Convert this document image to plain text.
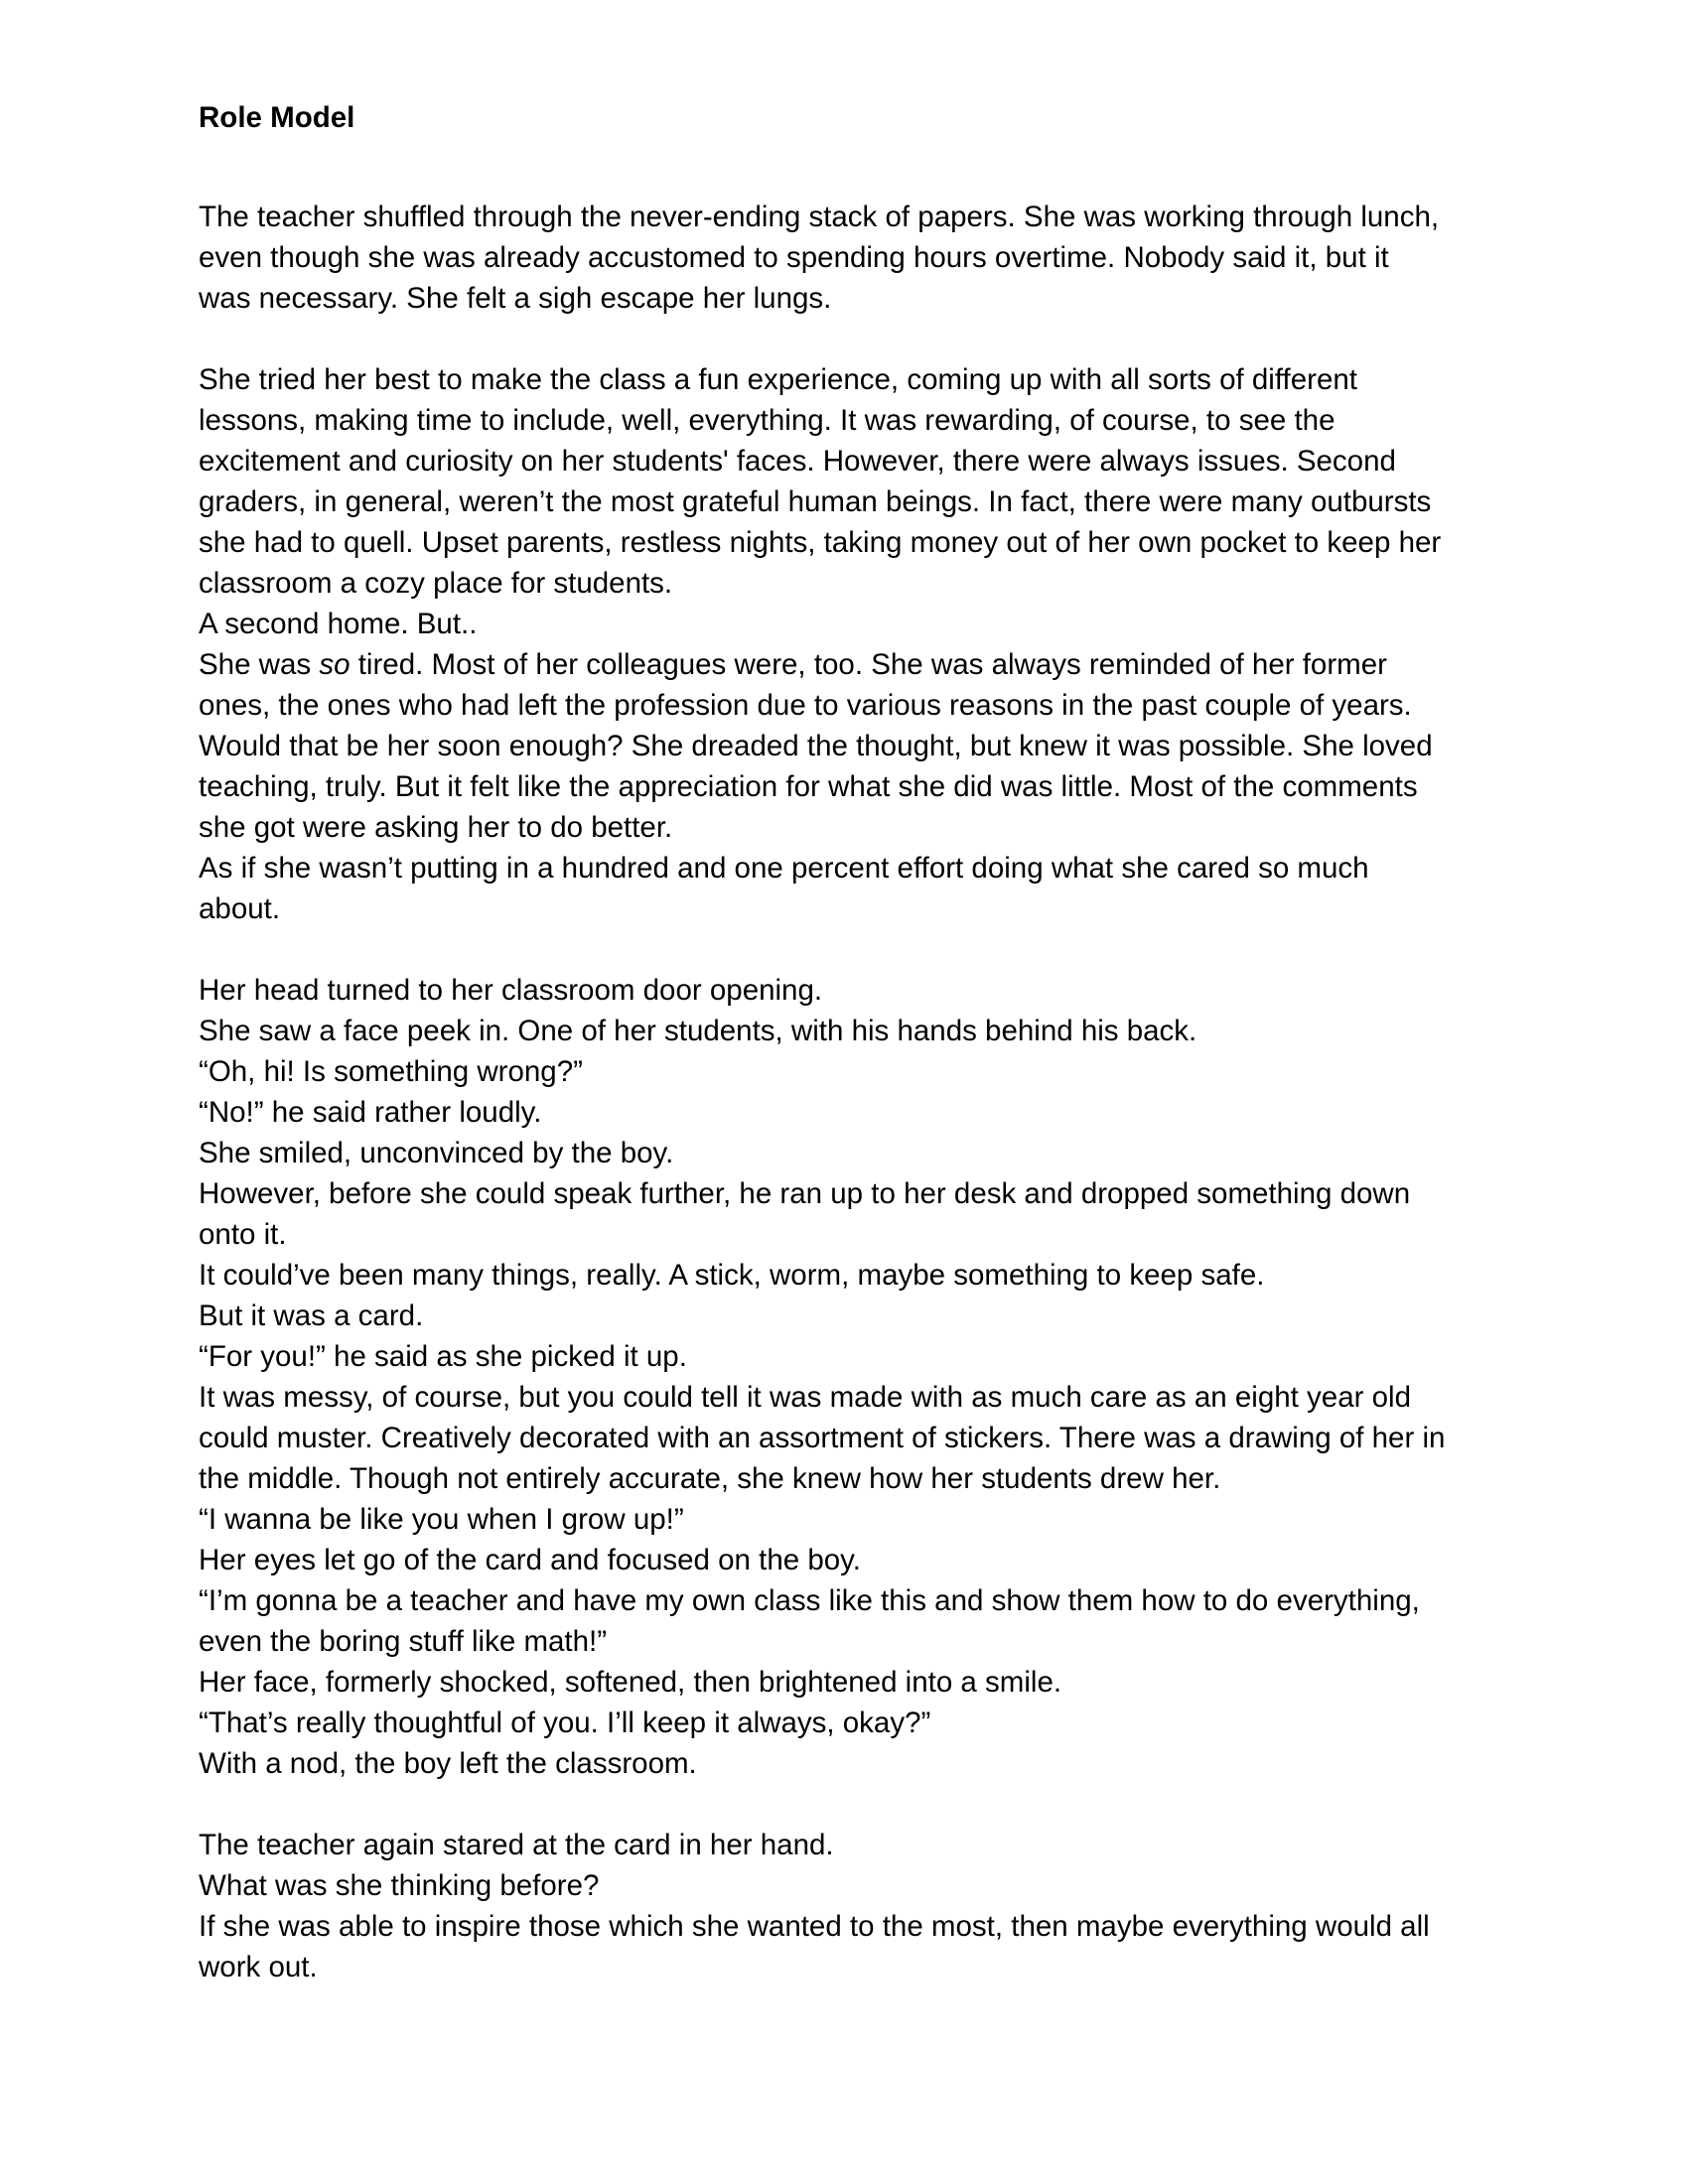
Role Model
The teacher shuffled through the never-ending stack of papers. She was working through lunch,
even though she was already accustomed to spending hours overtime. Nobody said it, but it
was necessary. She felt a sigh escape her lungs.
She tried her best to make the class a fun experience, coming up with all sorts of different
lessons, making time to include, well, everything. It was rewarding, of course, to see the
excitement and curiosity on her students' faces. However, there were always issues. Second
graders, in general, weren’t the most grateful human beings. In fact, there were many outbursts
she had to quell. Upset parents, restless nights, taking money out of her own pocket to keep her
classroom a cozy place for students.
A second home. But..
She was so tired. Most of her colleagues were, too. She was always reminded of her former
ones, the ones who had left the profession due to various reasons in the past couple of years.
Would that be her soon enough? She dreaded the thought, but knew it was possible. She loved
teaching, truly. But it felt like the appreciation for what she did was little. Most of the comments
she got were asking her to do better.
As if she wasn’t putting in a hundred and one percent effort doing what she cared so much
about.
Her head turned to her classroom door opening.
She saw a face peek in. One of her students, with his hands behind his back.
“Oh, hi! Is something wrong?”
“No!” he said rather loudly.
She smiled, unconvinced by the boy.
However, before she could speak further, he ran up to her desk and dropped something down
onto it.
It could’ve been many things, really. A stick, worm, maybe something to keep safe.
But it was a card.
“For you!” he said as she picked it up.
It was messy, of course, but you could tell it was made with as much care as an eight year old
could muster. Creatively decorated with an assortment of stickers. There was a drawing of her in
the middle. Though not entirely accurate, she knew how her students drew her.
“I wanna be like you when I grow up!”
Her eyes let go of the card and focused on the boy.
“I’m gonna be a teacher and have my own class like this and show them how to do everything,
even the boring stuff like math!”
Her face, formerly shocked, softened, then brightened into a smile.
“That’s really thoughtful of you. I’ll keep it always, okay?”
With a nod, the boy left the classroom.
The teacher again stared at the card in her hand.
What was she thinking before?
If she was able to inspire those which she wanted to the most, then maybe everything would all
work out.
